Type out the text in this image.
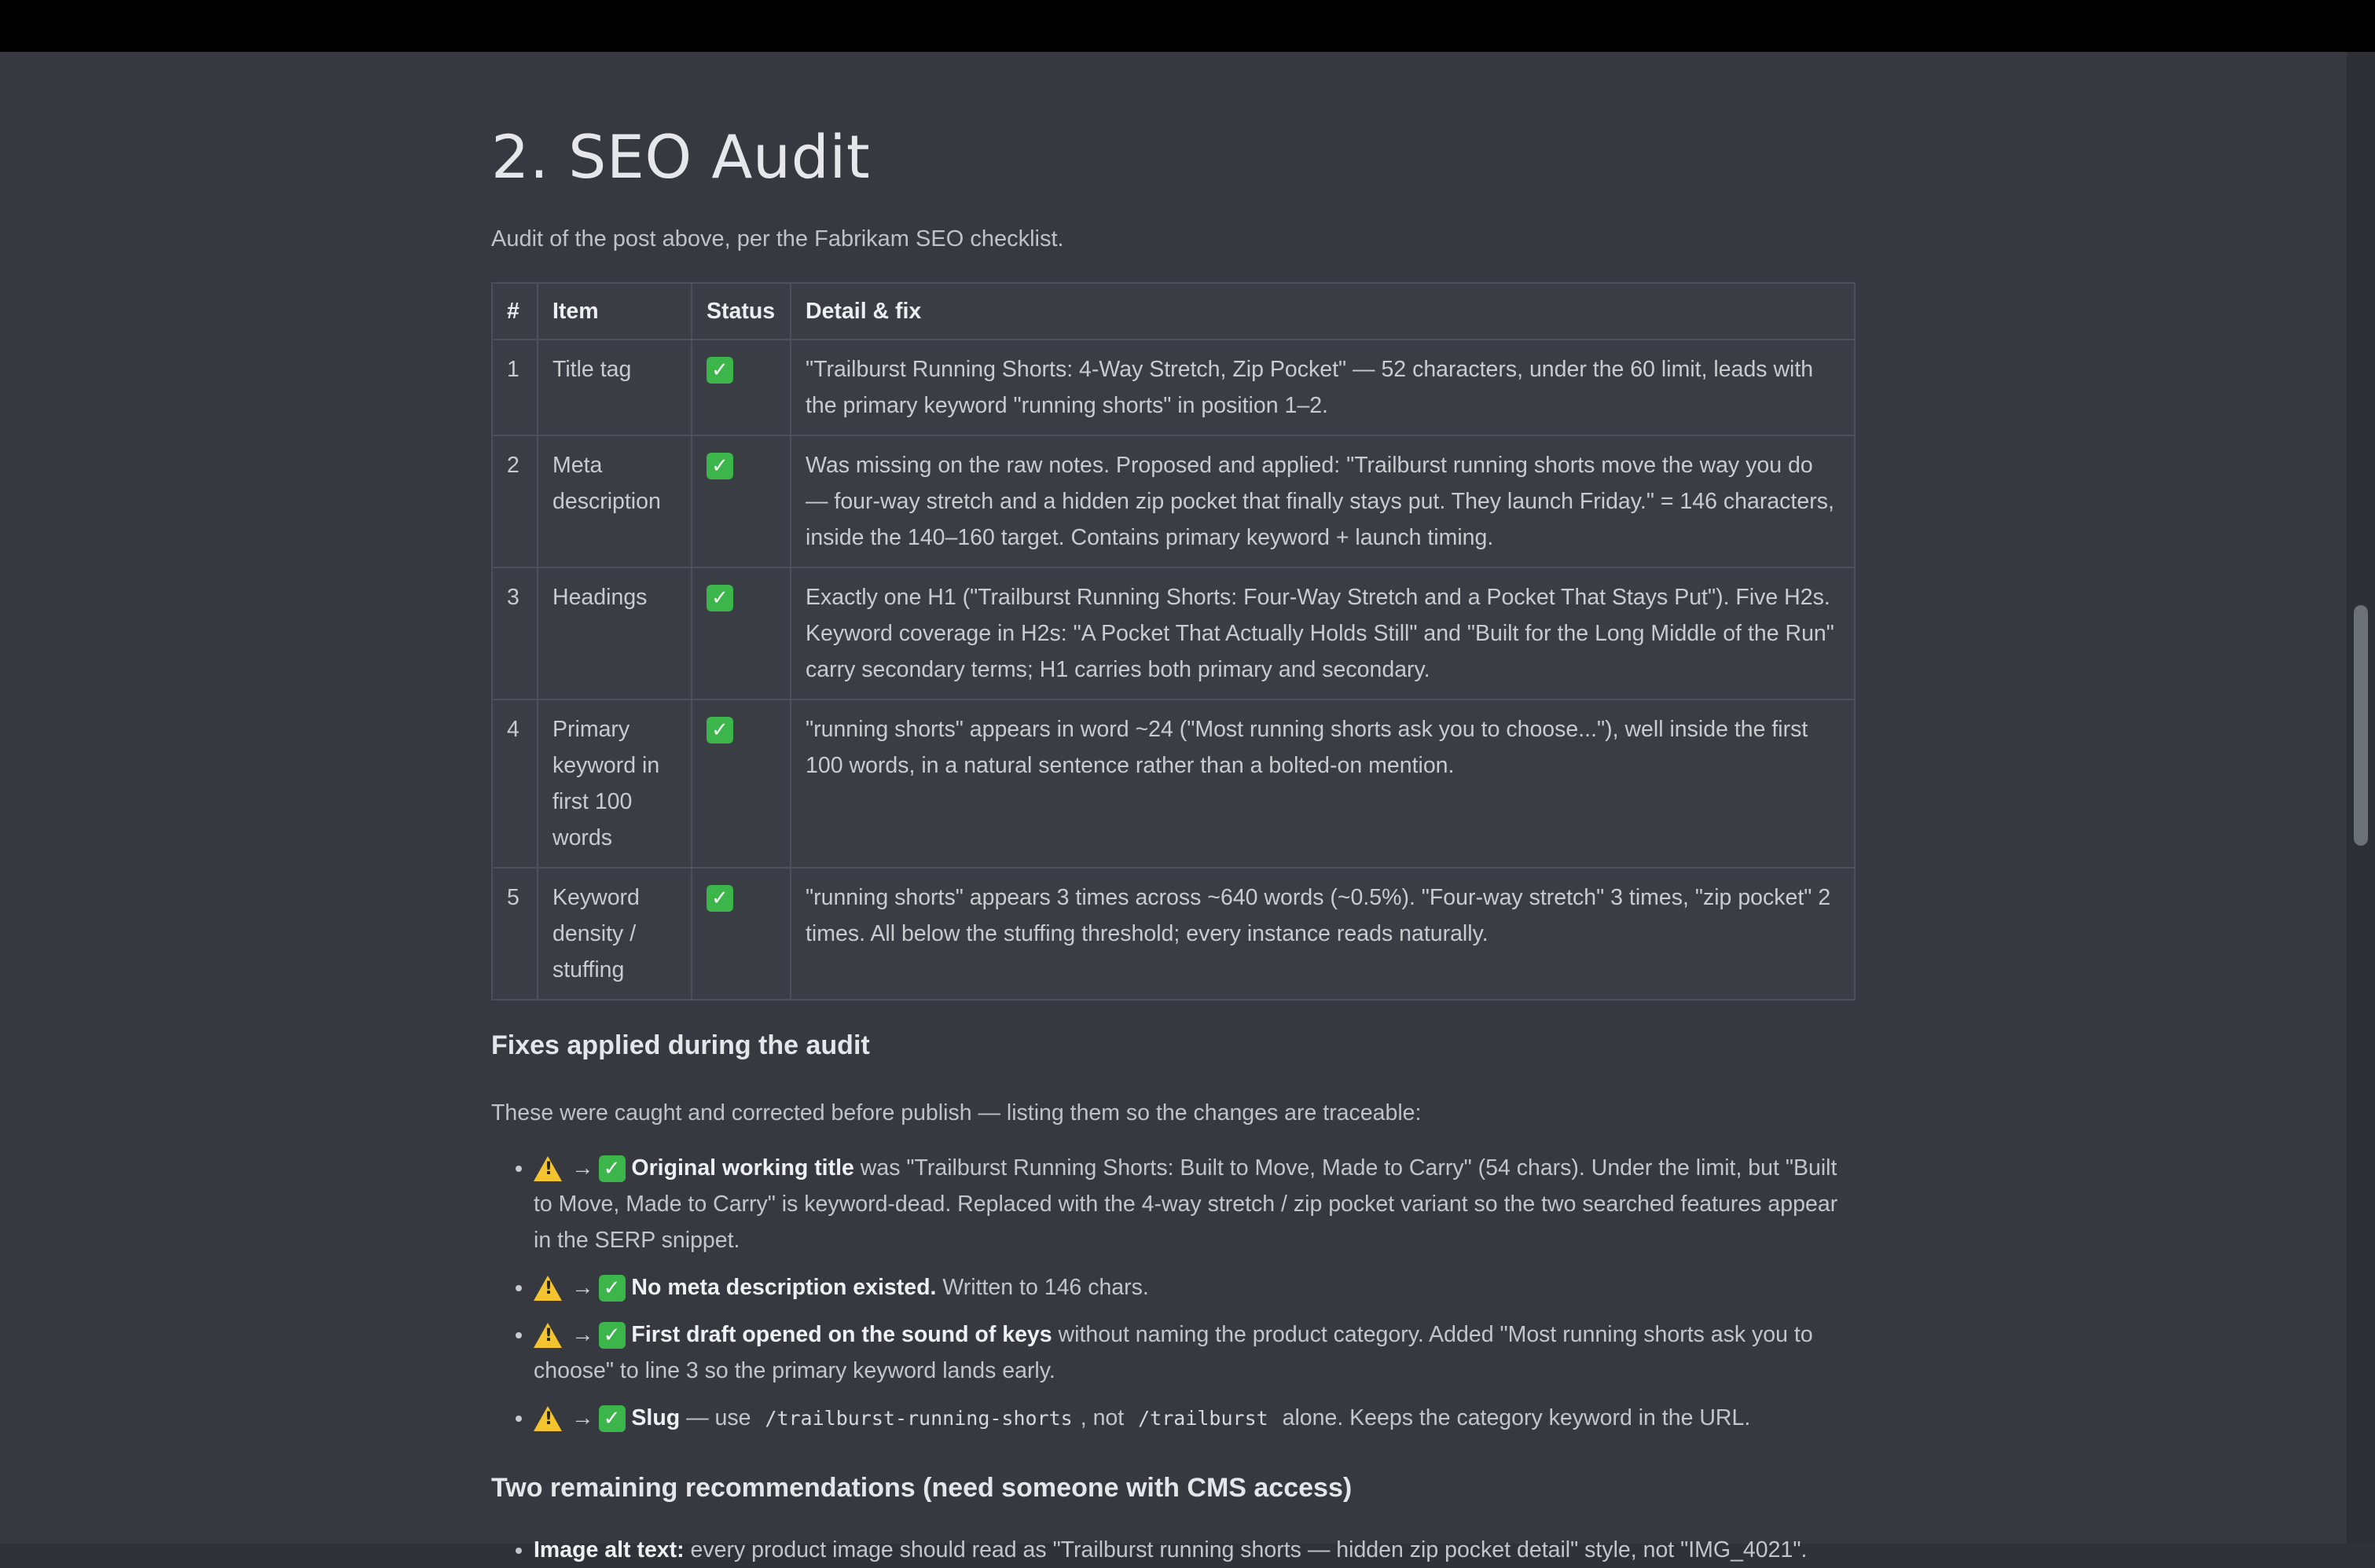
2. SEO Audit
Audit of the post above, per the Fabrikam SEO checklist.
#	Item	Status	Detail & fix
1	Title tag	✓	"Trailburst Running Shorts: 4-Way Stretch, Zip Pocket" — 52 characters, under the 60 limit, leads with the primary keyword "running shorts" in position 1–2.
2	Meta description	✓	Was missing on the raw notes. Proposed and applied: "Trailburst running shorts move the way you do — four-way stretch and a hidden zip pocket that finally stays put. They launch Friday." = 146 characters, inside the 140–160 target. Contains primary keyword + launch timing.
3	Headings	✓	Exactly one H1 ("Trailburst Running Shorts: Four-Way Stretch and a Pocket That Stays Put"). Five H2s. Keyword coverage in H2s: "A Pocket That Actually Holds Still" and "Built for the Long Middle of the Run" carry secondary terms; H1 carries both primary and secondary.
4	Primary keyword in first 100 words	✓	"running shorts" appears in word ~24 ("Most running shorts ask you to choose..."), well inside the first 100 words, in a natural sentence rather than a bolted-on mention.
5	Keyword density / stuffing	✓	"running shorts" appears 3 times across ~640 words (~0.5%). "Four-way stretch" 3 times, "zip pocket" 2 times. All below the stuffing threshold; every instance reads naturally.
Fixes applied during the audit
These were caught and corrected before publish — listing them so the changes are traceable:
!• → ✓ Original working title was "Trailburst Running Shorts: Built to Move, Made to Carry" (54 chars). Under the limit, but "Built to Move, Made to Carry" is keyword-dead. Replaced with the 4-way stretch / zip pocket variant so the two searched features appear in the SERP snippet.
!• → ✓ No meta description existed. Written to 146 chars.
!• → ✓ First draft opened on the sound of keys without naming the product category. Added "Most running shorts ask you to choose" to line 3 so the primary keyword lands early.
!• → ✓ Slug — use /trailburst-running-shorts , not /trailburst alone. Keeps the category keyword in the URL.
Two remaining recommendations (need someone with CMS access)
• Image alt text: every product image should read as "Trailburst running shorts — hidden zip pocket detail" style, not "IMG_4021".
